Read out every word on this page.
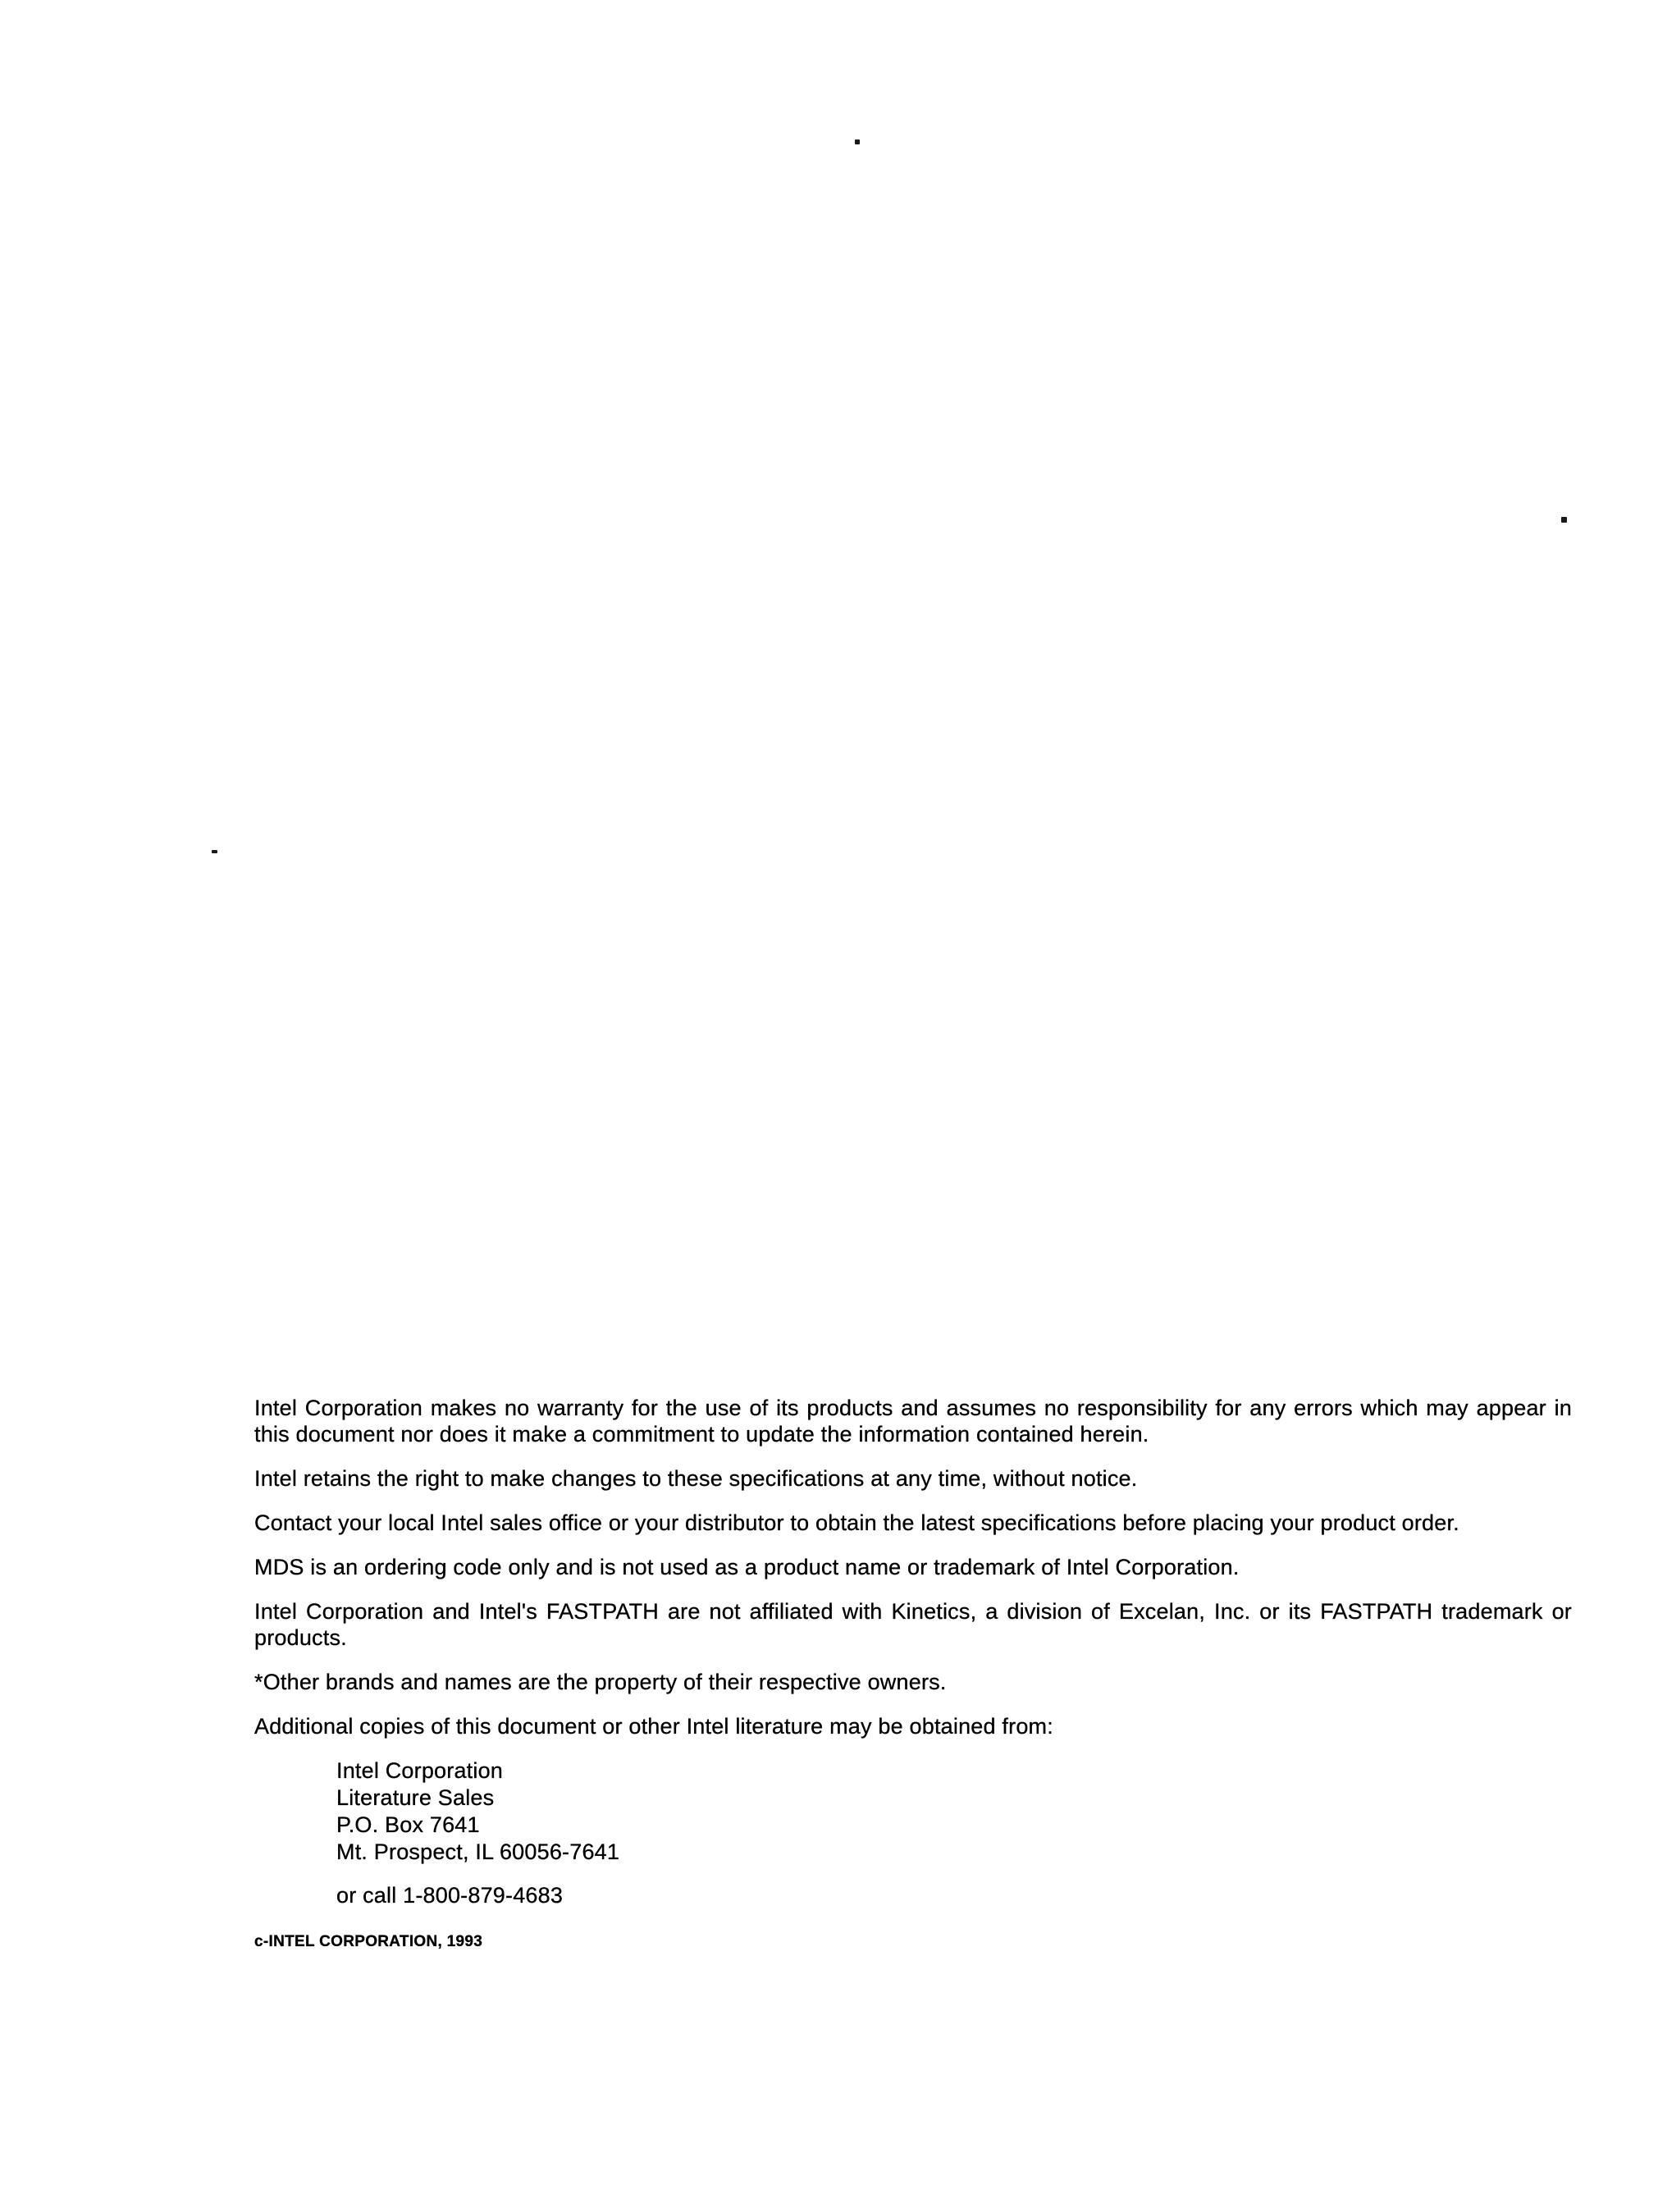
Intel Corporation makes no warranty for the use of its products and assumes no responsibility for any errors which may appear in this document nor does it make a commitment to update the information contained herein.

Intel retains the right to make changes to these specifications at any time, without notice.

Contact your local Intel sales office or your distributor to obtain the latest specifications before placing your product order.

MDS is an ordering code only and is not used as a product name or trademark of Intel Corporation.

Intel Corporation and Intel's FASTPATH are not affiliated with Kinetics, a division of Excelan, Inc. or its FASTPATH trademark or products.

*Other brands and names are the property of their respective owners.

Additional copies of this document or other Intel literature may be obtained from:

Intel Corporation
Literature Sales
P.O. Box 7641
Mt. Prospect, IL 60056-7641
or call 1-800-879-4683
c-INTEL CORPORATION, 1993
